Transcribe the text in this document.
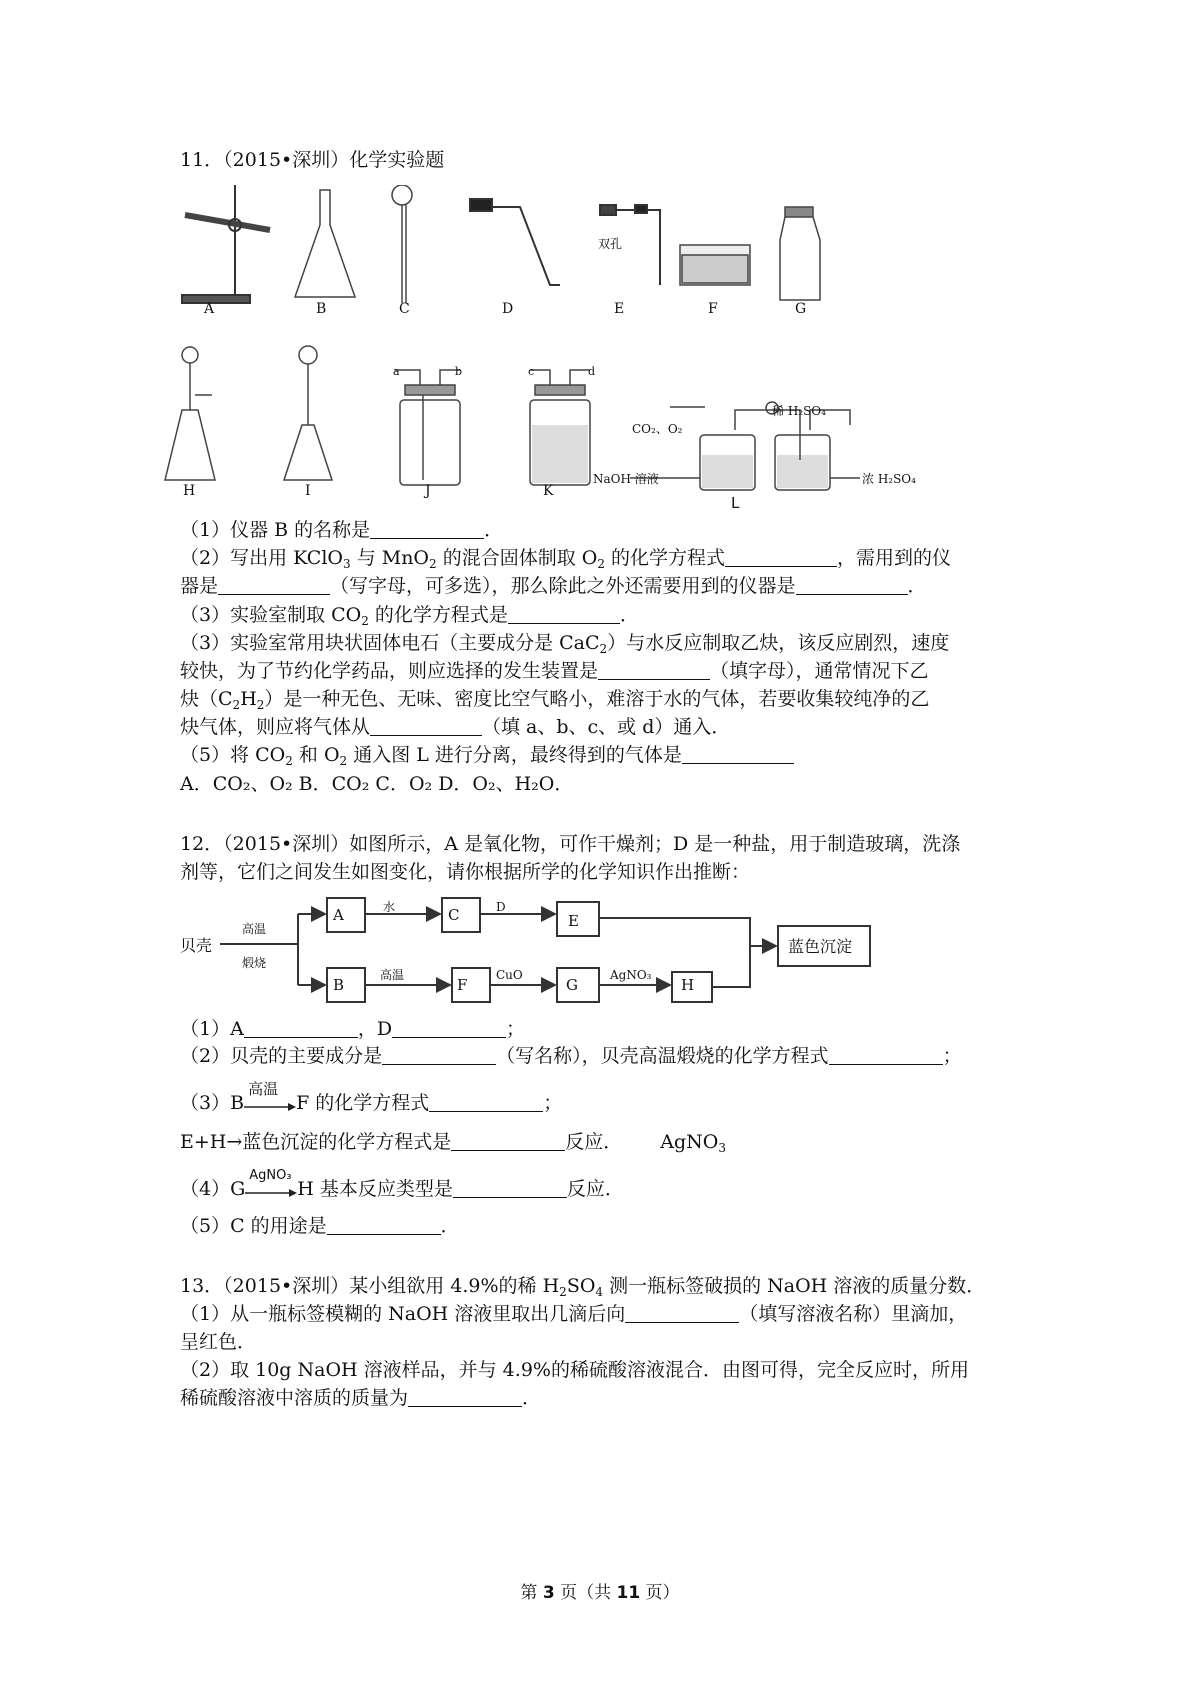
11．（2015•深圳）化学实验题
A	B	C	D	E	F	G
双孔
H	I	J	K
a	b	c	d
稀 H₂SO₄
CO₂、O₂
NaOH 溶液	浓 H₂SO₄
L
（1）仪器 B 的名称是	．
（2）写出用 KClO$_3$ 与 MnO$_2$ 的混合固体制取 $O_2$ 的化学方程式	，需用到的仪
器是	（写字母，可多选），那么除此之外还需要用到的仪器是	．
（3）实验室制取 $CO_2$ 的化学方程式是	．
（3）实验室常用块状固体电石（主要成分是 CaC$_2$）与水反应制取乙炔，该反应剧烈，速度
较快，为了节约化学药品，则应选择的发生装置是	（填字母），通常情况下乙
炔$(C_2H_2)$是一种无色、无味、密度比空气略小，难溶于水的气体，若要收集较纯净的乙
炔气体，则应将气体从	（填 a、b、c、或 d）通入．
（5）将 $CO_2$ 和 $O_2$ 通入图 L 进行分离，最终得到的气体是
A．CO₂、O₂ B．CO₂ C．O₂ D．O₂、H₂O．
12．（2015•深圳）如图所示，A 是氧化物，可作干燥剂；D 是一种盐，用于制造玻璃，洗涤
剂等，它们之间发生如图变化，请你根据所学的化学知识作出推断：
贝壳
高温
煅烧
A
B
C	E
F	G	H
水	D
高温	CuO	AgNO₃
蓝色沉淀
（1）A	，D	；
（2）贝壳的主要成分是	（写名称），贝壳高温煅烧的化学方程式	；
（3）B
高温
F 的化学方程式	；
E+H→蓝色沉淀的化学方程式是	反应． AgNO$_3$
（4）G
AgNO₃
H 基本反应类型是	反应．
（5）C 的用途是	．
13．（2015•深圳）某小组欲用 4.9%的稀 $H_2SO_4$ 测一瓶标签破损的 NaOH 溶液的质量分数．
（1）从一瓶标签模糊的 NaOH 溶液里取出几滴后向	（填写溶液名称）里滴加，
呈红色．
（2）取 10g NaOH 溶液样品，并与 4.9%的稀硫酸溶液混合．由图可得，完全反应时，所用
稀硫酸溶液中溶质的质量为	．
第 3 页（共 11 页）
